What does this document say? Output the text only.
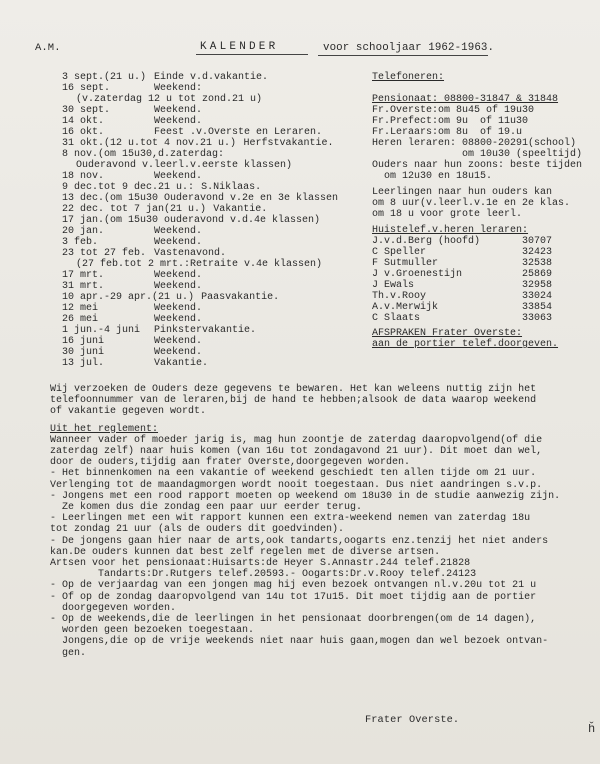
A.M.	KALENDER	voor schooljaar 1962-1963.
3 sept.(21 u.) Einde v.d.vakantie.
16 sept.	Weekend:
(v.zaterdag 12 u tot zond.21 u)
30 sept.	Weekend.
14 okt.	Weekend.
16 okt.	Feest .v.Overste en Leraren.
31 okt.(12 u.tot 4 nov.21 u.) Herfstvakantie.
8 nov.(om 15u30,d.zaterdag:
Ouderavond v.leerl.v.eerste klassen)
18 nov.	Weekend.
9 dec.tot 9 dec.21 u.: S.Niklaas.
13 dec.(om 15u30 Ouderavond v.2e en 3e klassen
22 dec. tot 7 jan(21 u.) Vakantie.
17 jan.(om 15u30 ouderavond v.d.4e klassen)
20 jan.	Weekend.
3 feb.	Weekend.
23 tot 27 feb. Vastenavond.
(27 feb.tot 2 mrt.:Retraite v.4e klassen)
17 mrt.	Weekend.
31 mrt.	Weekend.
10 apr.-29 apr.(21 u.) Paasvakantie.
12 mei	Weekend.
26 mei	Weekend.
1 jun.-4 juni Pinkstervakantie.
16 juni	Weekend.
30 juni	Weekend.
13 jul.	Vakantie.
Telefoneren:
Pensionaat: 08800-31847 & 31848
Fr.Overste:om 8u45 of 19u30
Fr.Prefect:om 9u  of 11u30
Fr.Leraars:om 8u  of 19.u
Heren leraren: 08800-20291(school)
om 10u30 (speeltijd)
Ouders naar hun zoons: beste tijden
om 12u30 en 18u15.
Leerlingen naar hun ouders kan
om 8 uur(v.leerl.v.1e en 2e klas.
om 18 u voor grote leerl.
Huistelef.v.heren leraren:
J.v.d.Berg (hoofd)	30707
C Speller	32423
F Sutmuller	32538
J v.Groenestijn	25869
J Ewals	32958
Th.v.Rooy	33024
A.v.Merwijk	33854
C Slaats	33063
AFSPRAKEN Frater Overste:
aan de portier telef.doorgeven.
Wij verzoeken de Ouders deze gegevens te bewaren. Het kan weleens nuttig zijn het
telefoonnummer van de leraren,bij de hand te hebben;alsook de data waarop weekend
of vakantie gegeven wordt.
Uit het reglement:
Wanneer vader of moeder jarig is, mag hun zoontje de zaterdag daaropvolgend(of die
zaterdag zelf) naar huis komen (van 16u tot zondagavond 21 uur). Dit moet dan wel,
door de ouders,tijdig aan frater Overste,doorgegeven worden.
- Het binnenkomen na een vakantie of weekend geschiedt ten allen tijde om 21 uur.
Verlenging tot de maandagmorgen wordt nooit toegestaan. Dus niet aandringen s.v.p.
- Jongens met een rood rapport moeten op weekend om 18u30 in de studie aanwezig zijn.
Ze komen dus die zondag een paar uur eerder terug.
- Leerlingen met een wit rapport kunnen een extra-weekend nemen van zaterdag 18u
tot zondag 21 uur (als de ouders dit goedvinden).
- De jongens gaan hier naar de arts,ook tandarts,oogarts enz.tenzij het niet anders
kan.De ouders kunnen dat best zelf regelen met de diverse artsen.
Artsen voor het pensionaat:Huisarts:de Heyer S.Annastr.244 telef.21828
Tandarts:Dr.Rutgers telef.20593.- Oogarts:Dr.v.Rooy telef.24123
- Op de verjaardag van een jongen mag hij even bezoek ontvangen nl.v.20u tot 21 u
- Of op de zondag daaropvolgend van 14u tot 17u15. Dit moet tijdig aan de portier
doorgegeven worden.
- Op de weekends,die de leerlingen in het pensionaat doorbrengen(om de 14 dagen),
worden geen bezoeken toegestaan.
Jongens,die op de vrije weekends niet naar huis gaan,mogen dan wel bezoek ontvan-
gen.
Frater Overste.
ȟ
